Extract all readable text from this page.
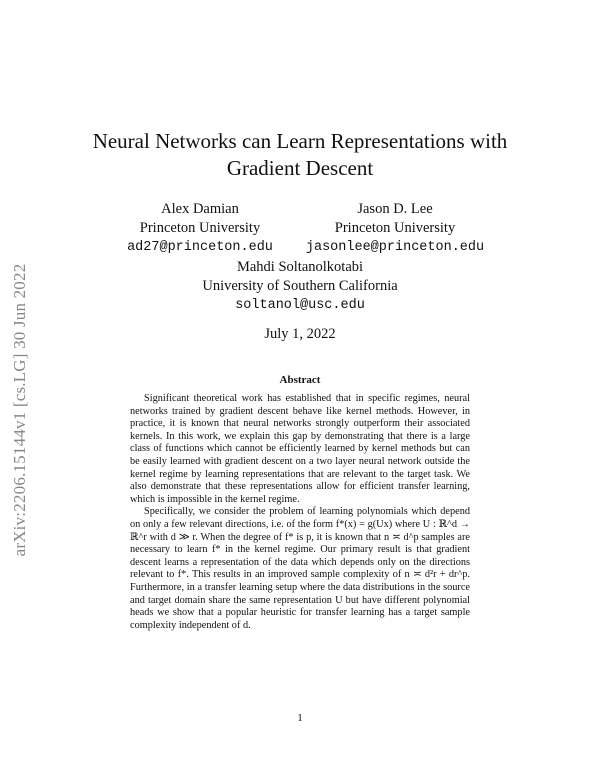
arXiv:2206.15144v1 [cs.LG] 30 Jun 2022
Neural Networks can Learn Representations with Gradient Descent
Alex Damian
Princeton University
ad27@princeton.edu
Jason D. Lee
Princeton University
jasonlee@princeton.edu
Mahdi Soltanolkotabi
University of Southern California
soltanol@usc.edu
July 1, 2022
Abstract

Significant theoretical work has established that in specific regimes, neural networks trained by gradient descent behave like kernel methods. However, in practice, it is known that neural networks strongly outperform their associated kernels. In this work, we explain this gap by demonstrating that there is a large class of functions which cannot be efficiently learned by kernel methods but can be easily learned with gradient descent on a two layer neural network outside the kernel regime by learning representations that are relevant to the target task. We also demonstrate that these representations allow for efficient transfer learning, which is impossible in the kernel regime.

Specifically, we consider the problem of learning polynomials which depend on only a few relevant directions, i.e. of the form f*(x) = g(Ux) where U : ℝ^d → ℝ^r with d ≫ r. When the degree of f* is p, it is known that n ≍ d^p samples are necessary to learn f* in the kernel regime. Our primary result is that gradient descent learns a representation of the data which depends only on the directions relevant to f*. This results in an improved sample complexity of n ≍ d²r + dr^p. Furthermore, in a transfer learning setup where the data distributions in the source and target domain share the same representation U but have different polynomial heads we show that a popular heuristic for transfer learning has a target sample complexity independent of d.

1
